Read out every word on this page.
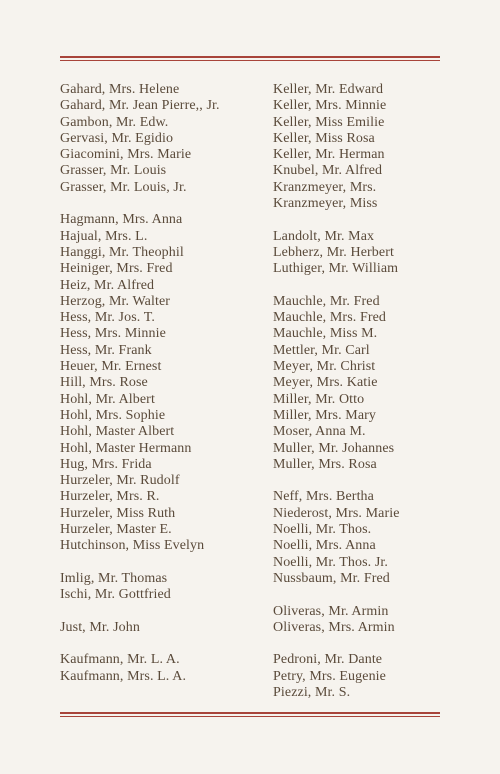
Gahard, Mrs. Helene
Gahard, Mr. Jean Pierre,, Jr.
Gambon, Mr. Edw.
Gervasi, Mr. Egidio
Giacomini, Mrs. Marie
Grasser, Mr. Louis
Grasser, Mr. Louis, Jr.
Hagmann, Mrs. Anna
Hajual, Mrs. L.
Hanggi, Mr. Theophil
Heiniger, Mrs. Fred
Heiz, Mr. Alfred
Herzog, Mr. Walter
Hess, Mr. Jos. T.
Hess, Mrs. Minnie
Hess, Mr. Frank
Heuer, Mr. Ernest
Hill, Mrs. Rose
Hohl, Mr. Albert
Hohl, Mrs. Sophie
Hohl, Master Albert
Hohl, Master Hermann
Hug, Mrs. Frida
Hurzeler, Mr. Rudolf
Hurzeler, Mrs. R.
Hurzeler, Miss Ruth
Hurzeler, Master E.
Hutchinson, Miss Evelyn
Imlig, Mr. Thomas
Ischi, Mr. Gottfried
Just, Mr. John
Kaufmann, Mr. L. A.
Kaufmann, Mrs. L. A.
Keller, Mr. Edward
Keller, Mrs. Minnie
Keller, Miss Emilie
Keller, Miss Rosa
Keller, Mr. Herman
Knubel, Mr. Alfred
Kranzmeyer, Mrs.
Kranzmeyer, Miss
Landolt, Mr. Max
Lebherz, Mr. Herbert
Luthiger, Mr. William
Mauchle, Mr. Fred
Mauchle, Mrs. Fred
Mauchle, Miss M.
Mettler, Mr. Carl
Meyer, Mr. Christ
Meyer, Mrs. Katie
Miller, Mr. Otto
Miller, Mrs. Mary
Moser, Anna M.
Muller, Mr. Johannes
Muller, Mrs. Rosa
Neff, Mrs. Bertha
Niederost, Mrs. Marie
Noelli, Mr. Thos.
Noelli, Mrs. Anna
Noelli, Mr. Thos. Jr.
Nussbaum, Mr. Fred
Oliveras, Mr. Armin
Oliveras, Mrs. Armin
Pedroni, Mr. Dante
Petry, Mrs. Eugenie
Piezzi, Mr. S.
